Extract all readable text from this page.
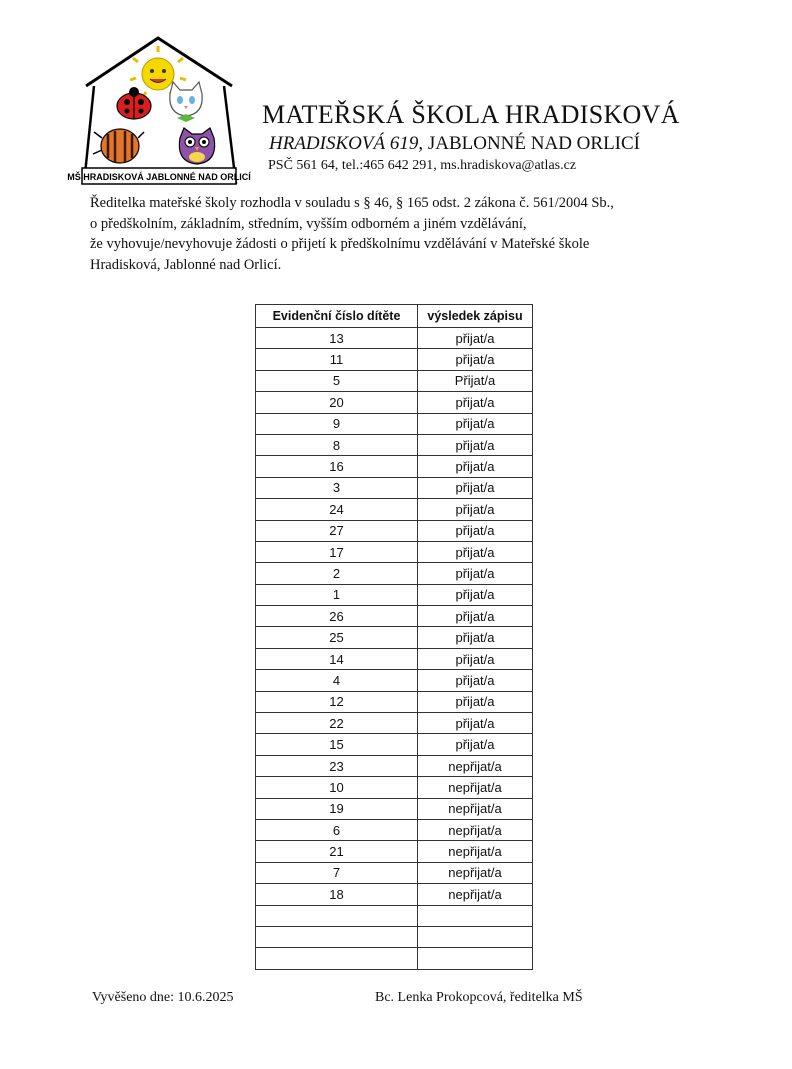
MŠ HRADISKOVÁ JABLONNÉ NAD ORLICÍ
MATEŘSKÁ ŠKOLA HRADISKOVÁ
HRADISKOVÁ 619, JABLONNÉ NAD ORLICÍ
PSČ 561 64, tel.:465 642 291, ms.hradiskova@atlas.cz
Ředitelka mateřské školy rozhodla v souladu s § 46, § 165 odst. 2 zákona č. 561/2004 Sb.,
o předškolním, základním, středním, vyšším odborném a jiném vzdělávání,
že vyhovuje/nevyhovuje žádosti o přijetí k předškolnímu vzdělávání v Mateřské škole
Hradisková, Jablonné nad Orlicí.
Evidenční číslo dítěte	výsledek zápisu
13	přijat/a
11	přijat/a
5	Přijat/a
20	přijat/a
9	přijat/a
8	přijat/a
16	přijat/a
3	přijat/a
24	přijat/a
27	přijat/a
17	přijat/a
2	přijat/a
1	přijat/a
26	přijat/a
25	přijat/a
14	přijat/a
4	přijat/a
12	přijat/a
22	přijat/a
15	přijat/a
23	nepřijat/a
10	nepřijat/a
19	nepřijat/a
6	nepřijat/a
21	nepřijat/a
7	nepřijat/a
18	nepřijat/a

Vyvěšeno dne: 10.6.2025	Bc. Lenka Prokopcová, ředitelka MŠ
